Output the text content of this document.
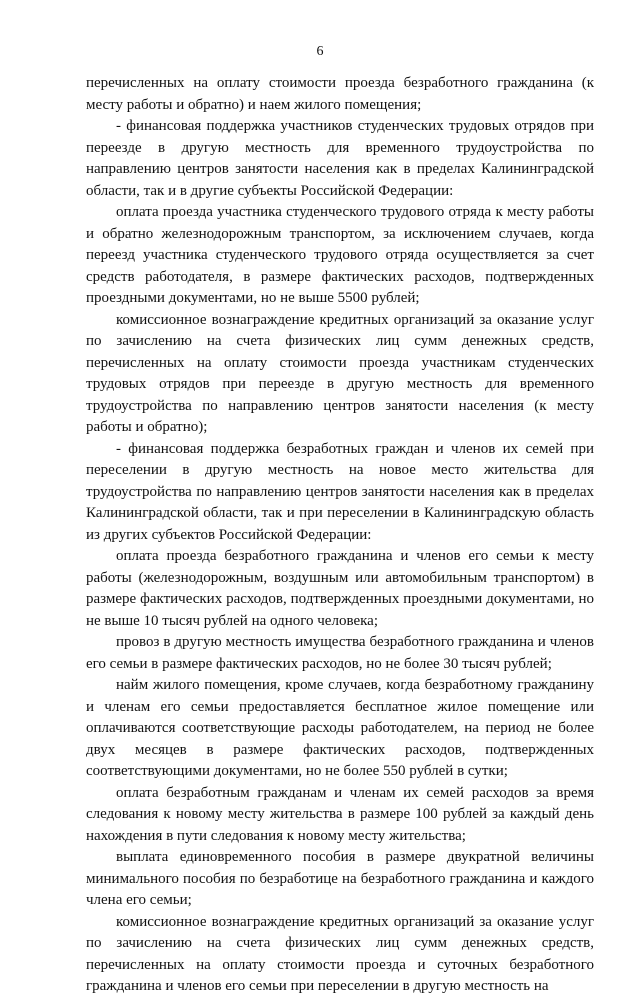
6

перечисленных на оплату стоимости проезда безработного гражданина (к месту работы и обратно) и наем жилого помещения;

- финансовая поддержка участников студенческих трудовых отрядов при переезде в другую местность для временного трудоустройства по направлению центров занятости населения как в пределах Калининградской области, так и в другие субъекты Российской Федерации:

оплата проезда участника студенческого трудового отряда к месту работы и обратно железнодорожным транспортом, за исключением случаев, когда переезд участника студенческого трудового отряда осуществляется за счет средств работодателя, в размере фактических расходов, подтвержденных проездными документами, но не выше 5500 рублей;

комиссионное вознаграждение кредитных организаций за оказание услуг по зачислению на счета физических лиц сумм денежных средств, перечисленных на оплату стоимости проезда участникам студенческих трудовых отрядов при переезде в другую местность для временного трудоустройства по направлению центров занятости населения (к месту работы и обратно);

- финансовая поддержка безработных граждан и членов их семей при переселении в другую местность на новое место жительства для трудоустройства по направлению центров занятости населения как в пределах Калининградской области, так и при переселении в Калининградскую область из других субъектов Российской Федерации:

оплата проезда безработного гражданина и членов его семьи к месту работы (железнодорожным, воздушным или автомобильным транспортом) в размере фактических расходов, подтвержденных проездными документами, но не выше 10 тысяч рублей на одного человека;

провоз в другую местность имущества безработного гражданина и членов его семьи в размере фактических расходов, но не более 30 тысяч рублей;

найм жилого помещения, кроме случаев, когда безработному гражданину и членам его семьи предоставляется бесплатное жилое помещение или оплачиваются соответствующие расходы работодателем, на период не более двух месяцев в размере фактических расходов, подтвержденных соответствующими документами, но не более 550 рублей в сутки;

оплата безработным гражданам и членам их семей расходов за время следования к новому месту жительства в размере 100 рублей за каждый день нахождения в пути следования к новому месту жительства;

выплата единовременного пособия в размере двукратной величины минимального пособия по безработице на безработного гражданина и каждого члена его семьи;

комиссионное вознаграждение кредитных организаций за оказание услуг по зачислению на счета физических лиц сумм денежных средств, перечисленных на оплату стоимости проезда и суточных безработного гражданина и членов его семьи при переселении в другую местность на
